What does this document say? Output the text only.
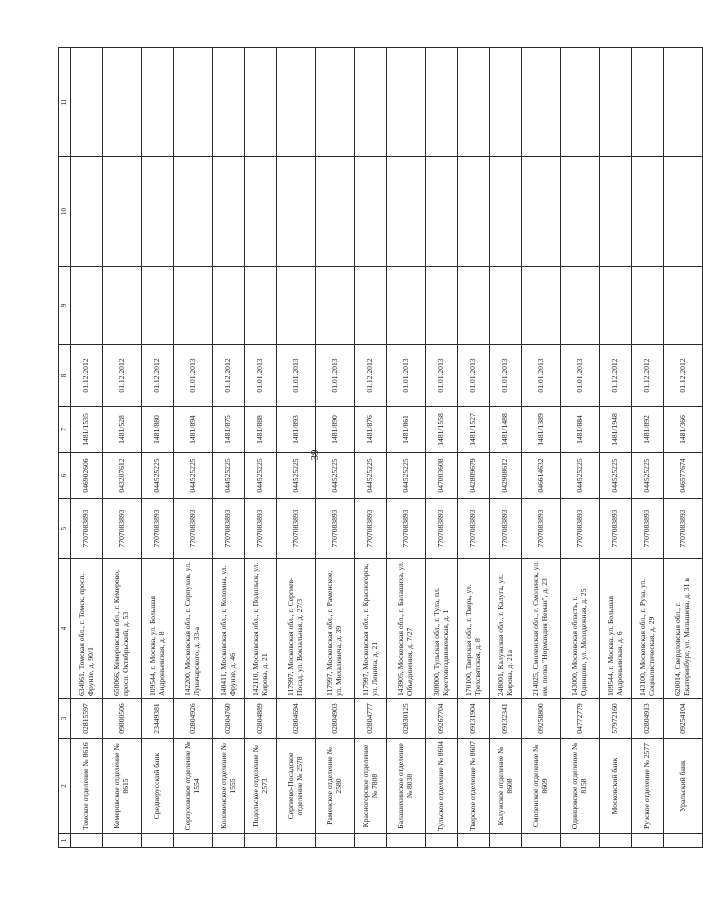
39
1	2	3	4	5	6	7	8	9	10	11
	Томское отделение № 8616	02815597	634061, Томская обл., г. Томск, просп. Фрунзе, д. 90/1	7707083893	046902606	1481/1535	01.12.2012			
	Кемеровское отделение № 8615	09800506	650066, Кемеровская обл., г. Кемерово, просп. Октябрьский, д. 53	7707083893	043207612	1481/528	01.12.2012			
	Среднерусский банк	23449381	109544, г. Москва, ул. Большая Андроньевская, д. 8	7707083893	044525225	1481/880	01.12.2012			
	Серпуховское отделение № 1554	02804926	142200, Московская обл., г. Серпухов, ул. Луначарского, д. 33-а	7707083893	044525225	1481/894	01.01.2013			
	Коломенское отделение № 1555	02804760	140411, Московская обл., г. Коломна, ул. Фрунзе, д. 46	7707083893	044525225	1481/875	01.12.2012			
	Подольское отделение № 2573	02804889	142110, Московская обл., г. Подольск, ул. Кирова, д. 21	7707083893	044525225	1481/888	01.01.2013			
	Сергиево-Посадское отделение № 2578	02804694	117997, Московская обл., г. Сергиев-Посад, ул. Вокзальная, д. 27/3	7707083893	044525225	1481/893	01.01.2013			
	Раменское отделение № 2580	02804903	117997, Московская обл., г. Раменское, ул. Михалевича, д. 39	7707083893	044525225	1481/890	01.01.2013			
	Красногорское отделение № 7808	02804777	117997, Московская обл., г. Красногорск, ул. Ленина, д. 21	7707083893	044525225	1481/876	01.12.2012			
	Балашихинское отделение № 8038	02830125	143905, Московская обл., г. Балашиха, ул. Объединения, д. 7/27	7707083893	044525225	1481/861	01.01.2013			
	Тульское отделение № 8604	09267704	300000, Тульская обл., г. Тула, пл. Крестовоздвиженская, д. 1	7707083893	047003608	1481/1558	01.01.2013			
	Тверское отделение № 8607	09131904	170100, Тверская обл., г. Тверь, ул. Трехсвятская, д. 8	7707083893	042809679	1481/1527	01.01.2013			
	Калужское отделение № 8608	09132341	248001, Калужская обл., г. Калуга, ул. Кирова, д. 21а	7707083893	042908612	1481/1488	01.01.2013			
	Смоленское отделение № 8609	09258800	214025, Смоленская обл., г. Смоленск, ул. им. полка "Нормандия Неман", д. 23	7707083893	046614632	1481/1389	01.01.2013			
	Одинцовское отделение № 8158	04772779	143000, Московская область, г. Одинцово, ул. Молодежная, д. 25	7707083893	044525225	1481/884	01.01.2013			
	Московский банк	57972160	109544, г. Москва, ул. Большая Андроньевская, д. 6	7707083893	044525225	1481/1948	01.12.2012			
	Рузское отделение № 2577	02804913	143100, Московская обл., г. Руза, ул. Социалистическая, д. 29	7707083893	044525225	1481/892	01.12.2012			
	Уральский банк	09254104	620014, Свердловская обл., г. Екатеринбург, ул. Малышева, д. 31 в	7707083893	046577674	1481/366	01.12.2012			
